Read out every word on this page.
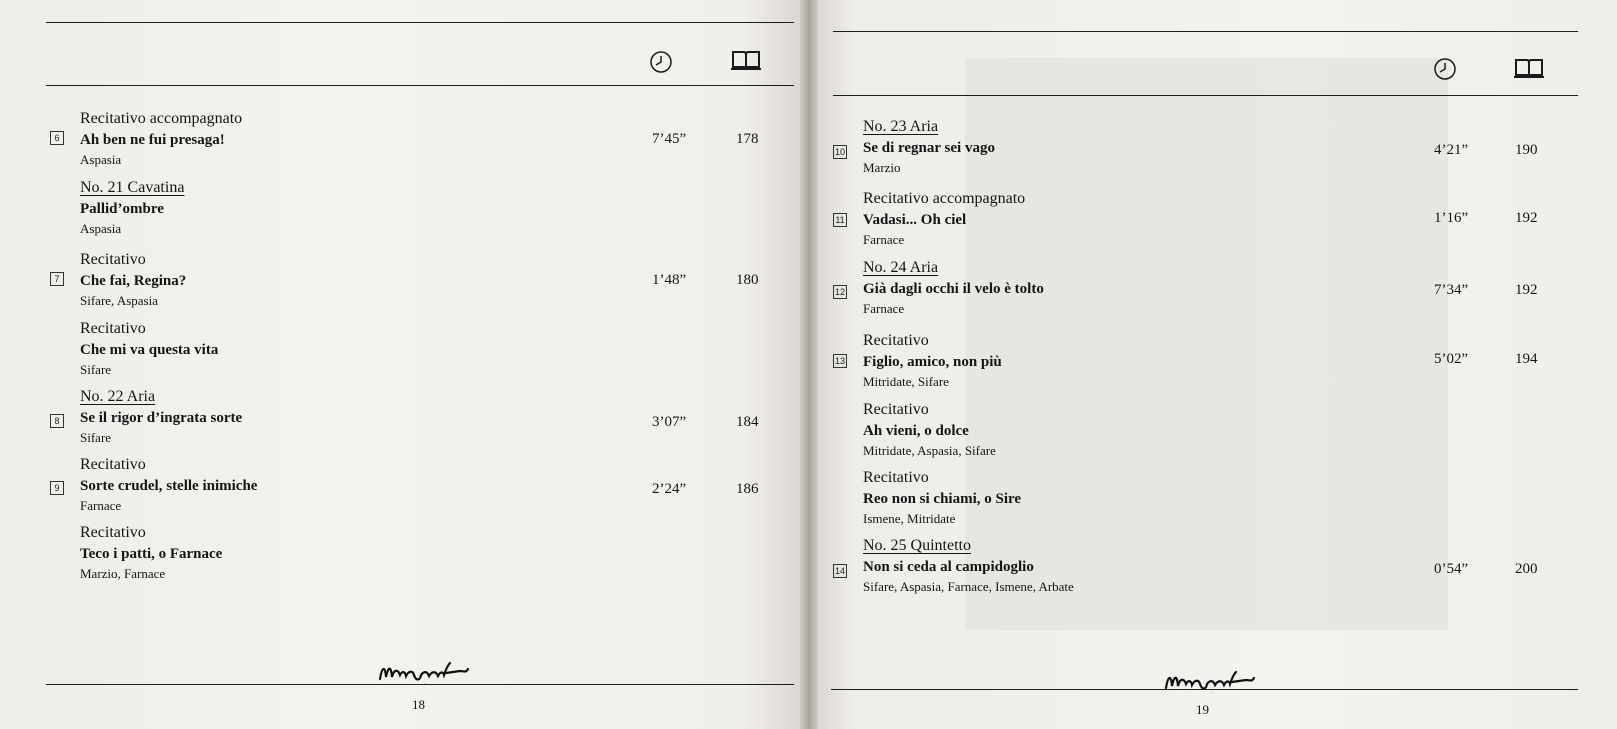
Recitativo accompagnato
Ah ben ne fui presaga!
Aspasia
6	7’45”	178
No. 21 Cavatina
Pallid’ombre
Aspasia
Recitativo
Che fai, Regina?
Sifare, Aspasia
7	1’48”	180
Recitativo
Che mi va questa vita
Sifare
No. 22 Aria
Se il rigor d’ingrata sorte
Sifare
8	3’07”	184
Recitativo
Sorte crudel, stelle inimiche
Farnace
9	2’24”	186
Recitativo
Teco i patti, o Farnace
Marzio, Farnace
18
No. 23 Aria
Se di regnar sei vago
Marzio
10	4’21”	190
Recitativo accompagnato
Vadasi... Oh ciel
Farnace
11	1’16”	192
No. 24 Aria
Già dagli occhi il velo è tolto
Farnace
12	7’34”	192
Recitativo
Figlio, amico, non più
Mitridate, Sifare
13	5’02”	194
Recitativo
Ah vieni, o dolce
Mitridate, Aspasia, Sifare
Recitativo
Reo non si chiami, o Sire
Ismene, Mitridate
No. 25 Quintetto
Non si ceda al campidoglio
Sifare, Aspasia, Farnace, Ismene, Arbate
14	0’54”	200
Mozart
19
